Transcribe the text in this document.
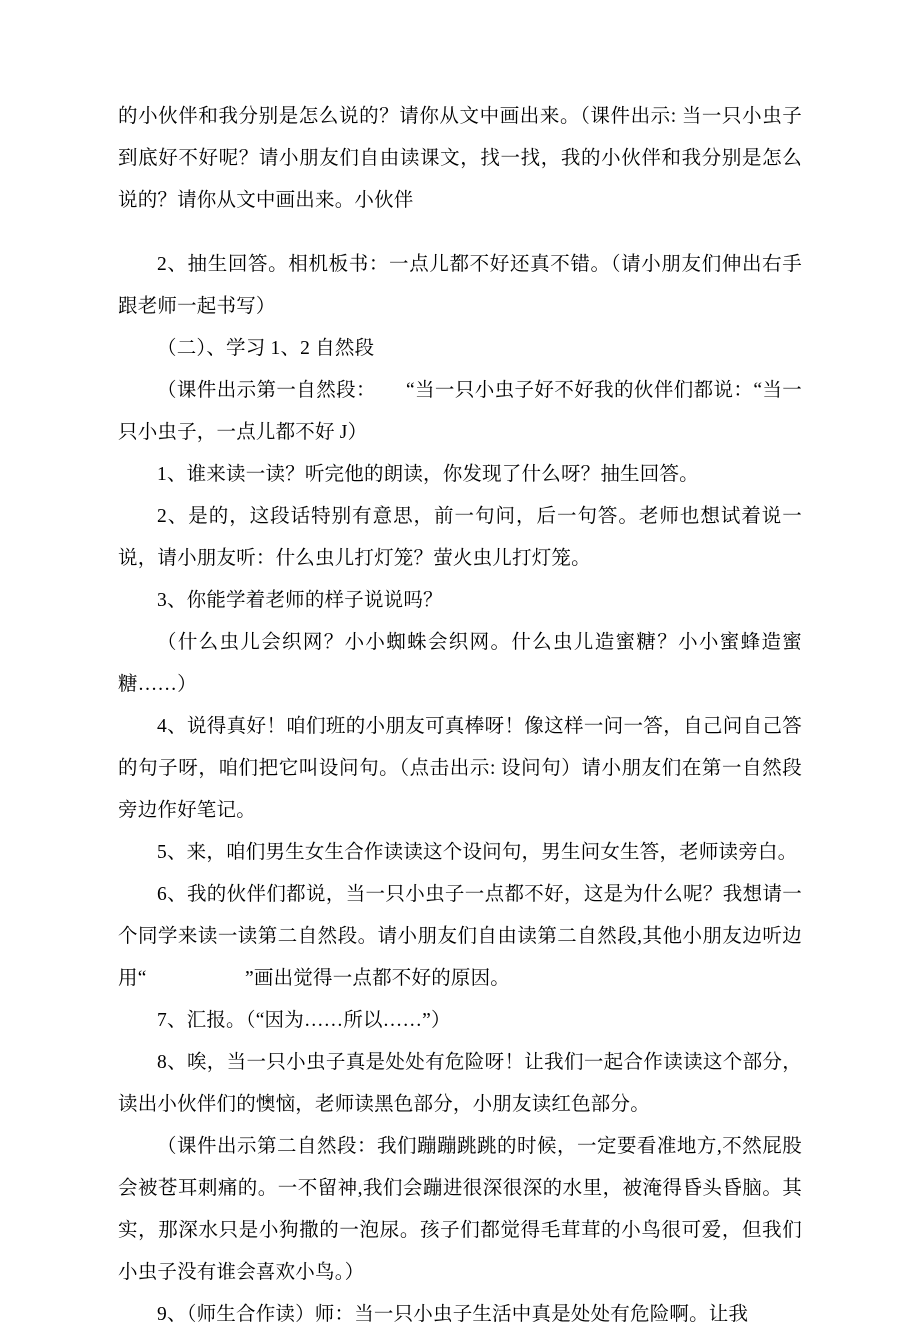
的小伙伴和我分别是怎么说的？请你从文中画出来。（课件出示: 当一只小虫子到底好不好呢？请小朋友们自由读课文，找一找，我的小伙伴和我分别是怎么说的？请你从文中画出来。小伙伴

2、抽生回答。相机板书：一点儿都不好还真不错。（请小朋友们伸出右手跟老师一起书写）

（二）、学习 1、2 自然段

（课件出示第一自然段：　　“当一只小虫子好不好我的伙伴们都说：“当一只小虫子，一点儿都不好 J）

1、谁来读一读？听完他的朗读，你发现了什么呀？抽生回答。

2、是的，这段话特别有意思，前一句问，后一句答。老师也想试着说一说，请小朋友听：什么虫儿打灯笼？萤火虫儿打灯笼。

3、你能学着老师的样子说说吗？

（什么虫儿会织网？小小蜘蛛会织网。什么虫儿造蜜糖？小小蜜蜂造蜜糖……）

4、说得真好！咱们班的小朋友可真棒呀！像这样一问一答，自己问自己答的句子呀，咱们把它叫设问句。（点击出示: 设问句）请小朋友们在第一自然段旁边作好笔记。

5、来，咱们男生女生合作读读这个设问句，男生问女生答，老师读旁白。

6、我的伙伴们都说，当一只小虫子一点都不好，这是为什么呢？我想请一个同学来读一读第二自然段。请小朋友们自由读第二自然段,其他小朋友边听边用“　　　　　”画出觉得一点都不好的原因。

7、汇报。（“因为……所以……”）

8、唉，当一只小虫子真是处处有危险呀！让我们一起合作读读这个部分，读出小伙伴们的懊恼，老师读黑色部分，小朋友读红色部分。

（课件出示第二自然段：我们蹦蹦跳跳的时候，一定要看准地方,不然屁股会被苍耳刺痛的。一不留神,我们会蹦进很深很深的水里，被淹得昏头昏脑。其实，那深水只是小狗撒的一泡尿。孩子们都觉得毛茸茸的小鸟很可爱，但我们小虫子没有谁会喜欢小鸟。）

9、（师生合作读）师：当一只小虫子生活中真是处处有危险啊。让我
